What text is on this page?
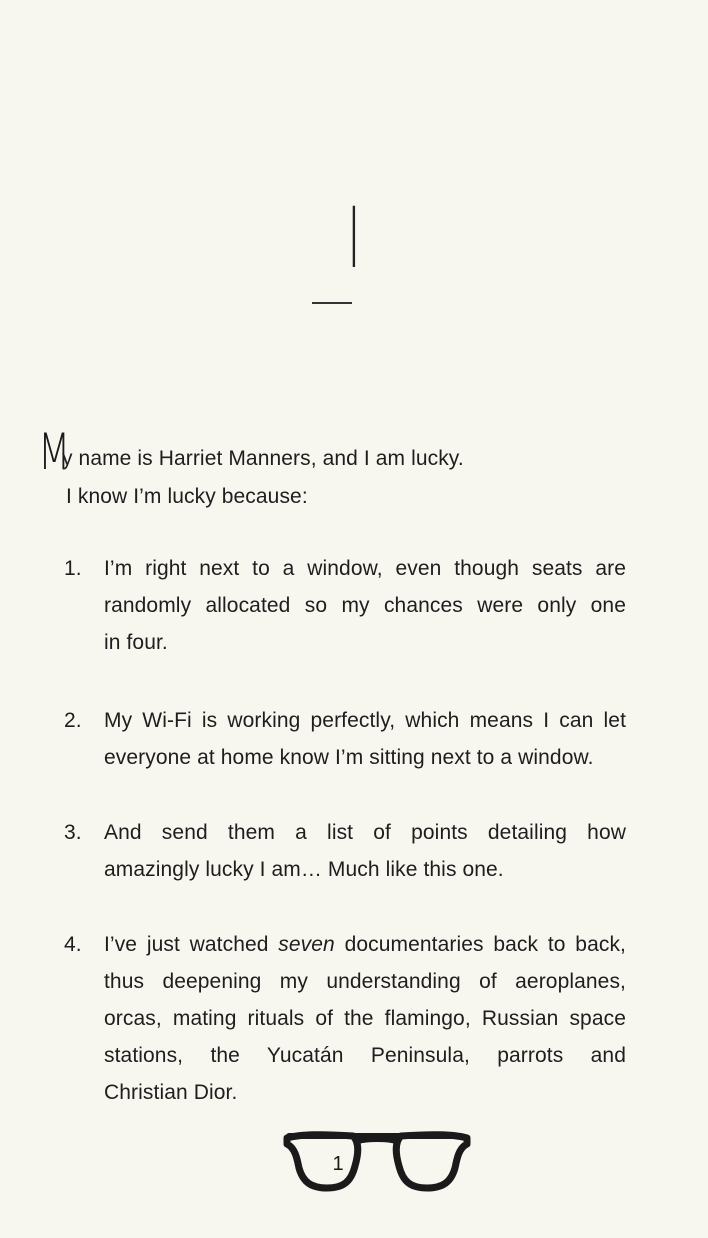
I
M
y name is Harriet Manners, and I am lucky.
I know I’m lucky because:
1.	I’m right next to a window, even though seats are
randomly allocated so my chances were only one
in four.
2.	My Wi-Fi is working perfectly, which means I can let
everyone at home know I’m sitting next to a window.
3.	And send them a list of points detailing how
amazingly lucky I am… Much like this one.
4.	I’ve just watched seven documentaries back to back,
thus deepening my understanding of aeroplanes,
orcas, mating rituals of the flamingo, Russian space
stations, the Yucatán Peninsula, parrots and
Christian Dior.
1
